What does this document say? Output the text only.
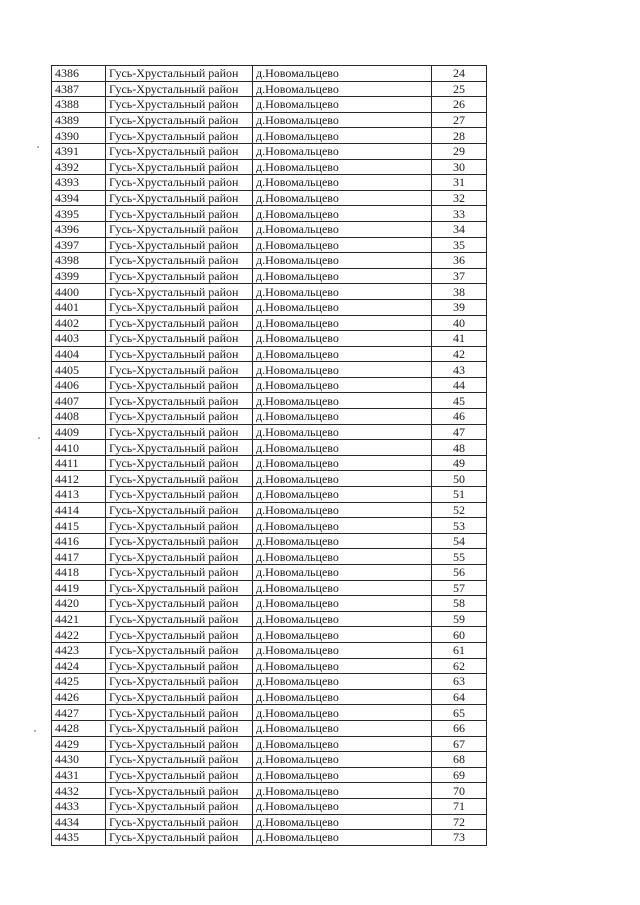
4386	Гусь-Хрустальный район	д.Новомальцево	24
4387	Гусь-Хрустальный район	д.Новомальцево	25
4388	Гусь-Хрустальный район	д.Новомальцево	26
4389	Гусь-Хрустальный район	д.Новомальцево	27
4390	Гусь-Хрустальный район	д.Новомальцево	28
4391	Гусь-Хрустальный район	д.Новомальцево	29
4392	Гусь-Хрустальный район	д.Новомальцево	30
4393	Гусь-Хрустальный район	д.Новомальцево	31
4394	Гусь-Хрустальный район	д.Новомальцево	32
4395	Гусь-Хрустальный район	д.Новомальцево	33
4396	Гусь-Хрустальный район	д.Новомальцево	34
4397	Гусь-Хрустальный район	д.Новомальцево	35
4398	Гусь-Хрустальный район	д.Новомальцево	36
4399	Гусь-Хрустальный район	д.Новомальцево	37
4400	Гусь-Хрустальный район	д.Новомальцево	38
4401	Гусь-Хрустальный район	д.Новомальцево	39
4402	Гусь-Хрустальный район	д.Новомальцево	40
4403	Гусь-Хрустальный район	д.Новомальцево	41
4404	Гусь-Хрустальный район	д.Новомальцево	42
4405	Гусь-Хрустальный район	д.Новомальцево	43
4406	Гусь-Хрустальный район	д.Новомальцево	44
4407	Гусь-Хрустальный район	д.Новомальцево	45
4408	Гусь-Хрустальный район	д.Новомальцево	46
4409	Гусь-Хрустальный район	д.Новомальцево	47
4410	Гусь-Хрустальный район	д.Новомальцево	48
4411	Гусь-Хрустальный район	д.Новомальцево	49
4412	Гусь-Хрустальный район	д.Новомальцево	50
4413	Гусь-Хрустальный район	д.Новомальцево	51
4414	Гусь-Хрустальный район	д.Новомальцево	52
4415	Гусь-Хрустальный район	д.Новомальцево	53
4416	Гусь-Хрустальный район	д.Новомальцево	54
4417	Гусь-Хрустальный район	д.Новомальцево	55
4418	Гусь-Хрустальный район	д.Новомальцево	56
4419	Гусь-Хрустальный район	д.Новомальцево	57
4420	Гусь-Хрустальный район	д.Новомальцево	58
4421	Гусь-Хрустальный район	д.Новомальцево	59
4422	Гусь-Хрустальный район	д.Новомальцево	60
4423	Гусь-Хрустальный район	д.Новомальцево	61
4424	Гусь-Хрустальный район	д.Новомальцево	62
4425	Гусь-Хрустальный район	д.Новомальцево	63
4426	Гусь-Хрустальный район	д.Новомальцево	64
4427	Гусь-Хрустальный район	д.Новомальцево	65
4428	Гусь-Хрустальный район	д.Новомальцево	66
4429	Гусь-Хрустальный район	д.Новомальцево	67
4430	Гусь-Хрустальный район	д.Новомальцево	68
4431	Гусь-Хрустальный район	д.Новомальцево	69
4432	Гусь-Хрустальный район	д.Новомальцево	70
4433	Гусь-Хрустальный район	д.Новомальцево	71
4434	Гусь-Хрустальный район	д.Новомальцево	72
4435	Гусь-Хрустальный район	д.Новомальцево	73
